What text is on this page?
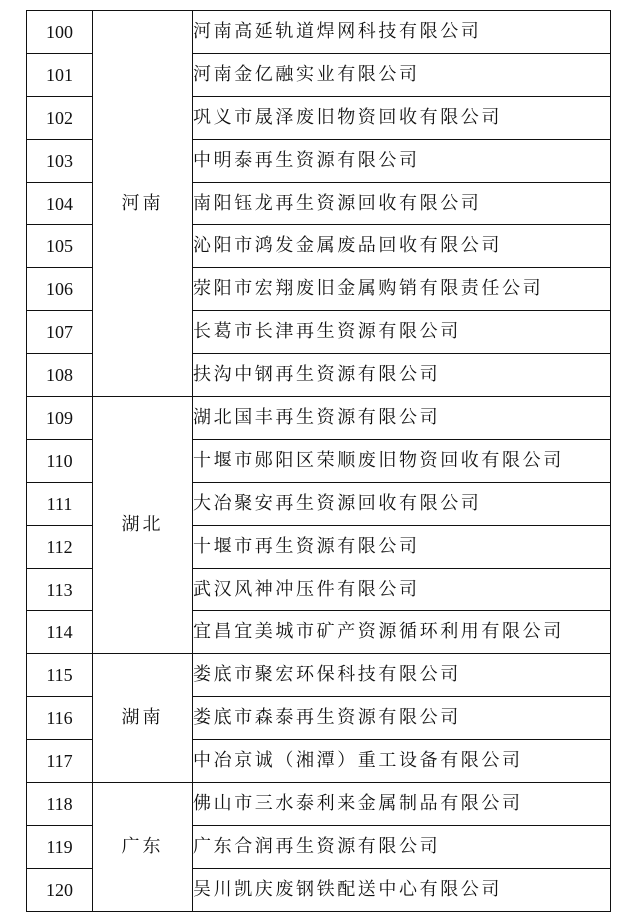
100	河南	河南高延轨道焊网科技有限公司
101		河南金亿融实业有限公司
102		巩义市晟泽废旧物资回收有限公司
103		中明泰再生资源有限公司
104		南阳钰龙再生资源回收有限公司
105		沁阳市鸿发金属废品回收有限公司
106		荥阳市宏翔废旧金属购销有限责任公司
107		长葛市长津再生资源有限公司
108		扶沟中钢再生资源有限公司
109	湖北	湖北国丰再生资源有限公司
110		十堰市郧阳区荣顺废旧物资回收有限公司
111		大冶聚安再生资源回收有限公司
112		十堰市再生资源有限公司
113		武汉风神冲压件有限公司
114		宜昌宜美城市矿产资源循环利用有限公司
115	湖南	娄底市聚宏环保科技有限公司
116		娄底市森泰再生资源有限公司
117		中冶京诚（湘潭）重工设备有限公司
118	广东	佛山市三水泰利来金属制品有限公司
119		广东合润再生资源有限公司
120		吴川凯庆废钢铁配送中心有限公司
